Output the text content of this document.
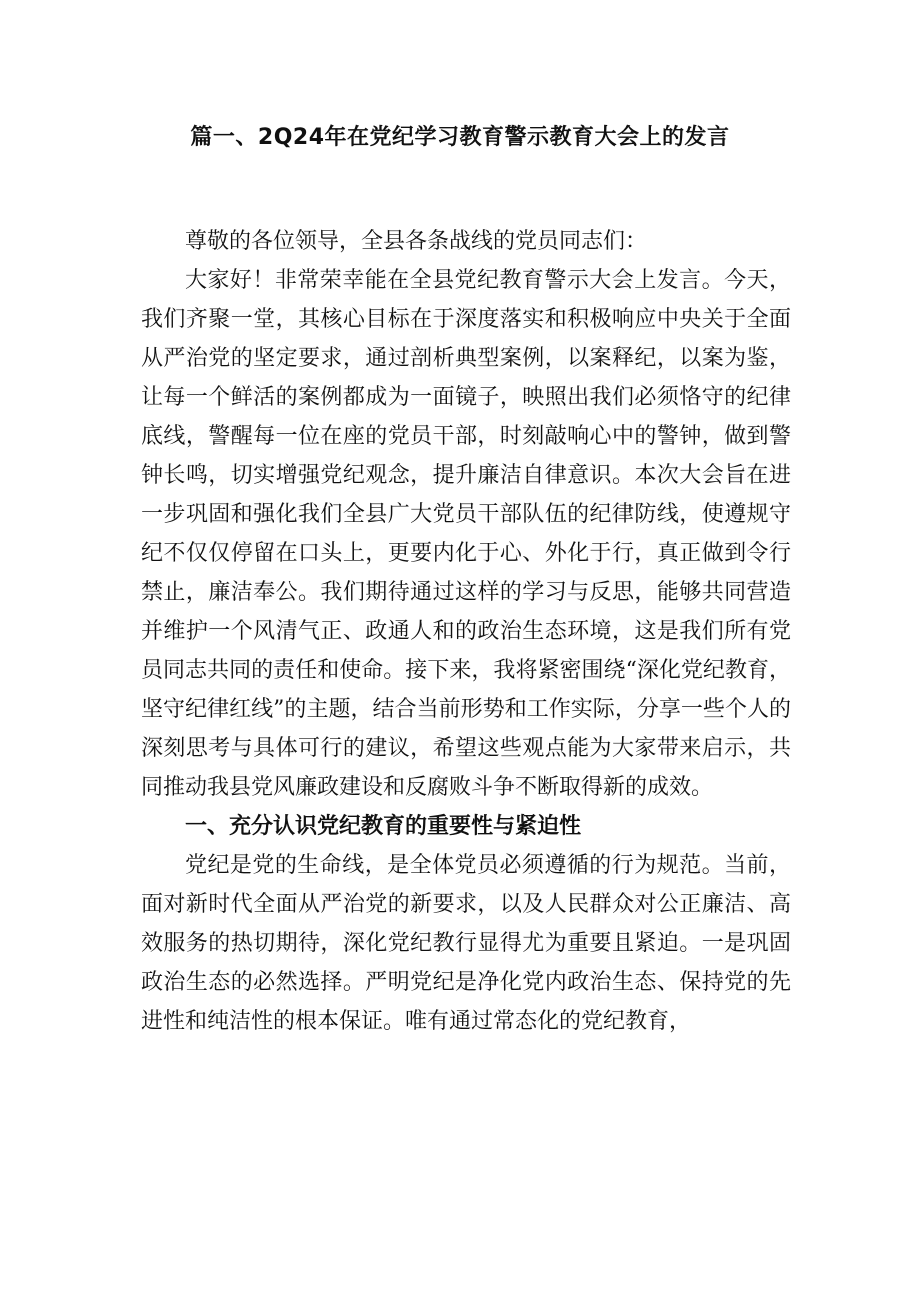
篇一、2Q24年在党纪学习教育警示教育大会上的发言

尊敬的各位领导，全县各条战线的党员同志们：

大家好！非常荣幸能在全县党纪教育警示大会上发言。今天，我们齐聚一堂，其核心目标在于深度落实和积极响应中央关于全面从严治党的坚定要求，通过剖析典型案例，以案释纪，以案为鉴，让每一个鲜活的案例都成为一面镜子，映照出我们必须恪守的纪律底线，警醒每一位在座的党员干部，时刻敲响心中的警钟，做到警钟长鸣，切实增强党纪观念，提升廉洁自律意识。本次大会旨在进一步巩固和强化我们全县广大党员干部队伍的纪律防线，使遵规守纪不仅仅停留在口头上，更要内化于心、外化于行，真正做到令行禁止，廉洁奉公。我们期待通过这样的学习与反思，能够共同营造并维护一个风清气正、政通人和的政治生态环境，这是我们所有党员同志共同的责任和使命。接下来，我将紧密围绕“深化党纪教育，坚守纪律红线”的主题，结合当前形势和工作实际，分享一些个人的深刻思考与具体可行的建议，希望这些观点能为大家带来启示，共同推动我县党风廉政建设和反腐败斗争不断取得新的成效。

一、充分认识党纪教育的重要性与紧迫性

党纪是党的生命线，是全体党员必须遵循的行为规范。当前，面对新时代全面从严治党的新要求，以及人民群众对公正廉洁、高效服务的热切期待，深化党纪教行显得尤为重要且紧迫。一是巩固政治生态的必然选择。严明党纪是净化党内政治生态、保持党的先进性和纯洁性的根本保证。唯有通过常态化的党纪教育，
